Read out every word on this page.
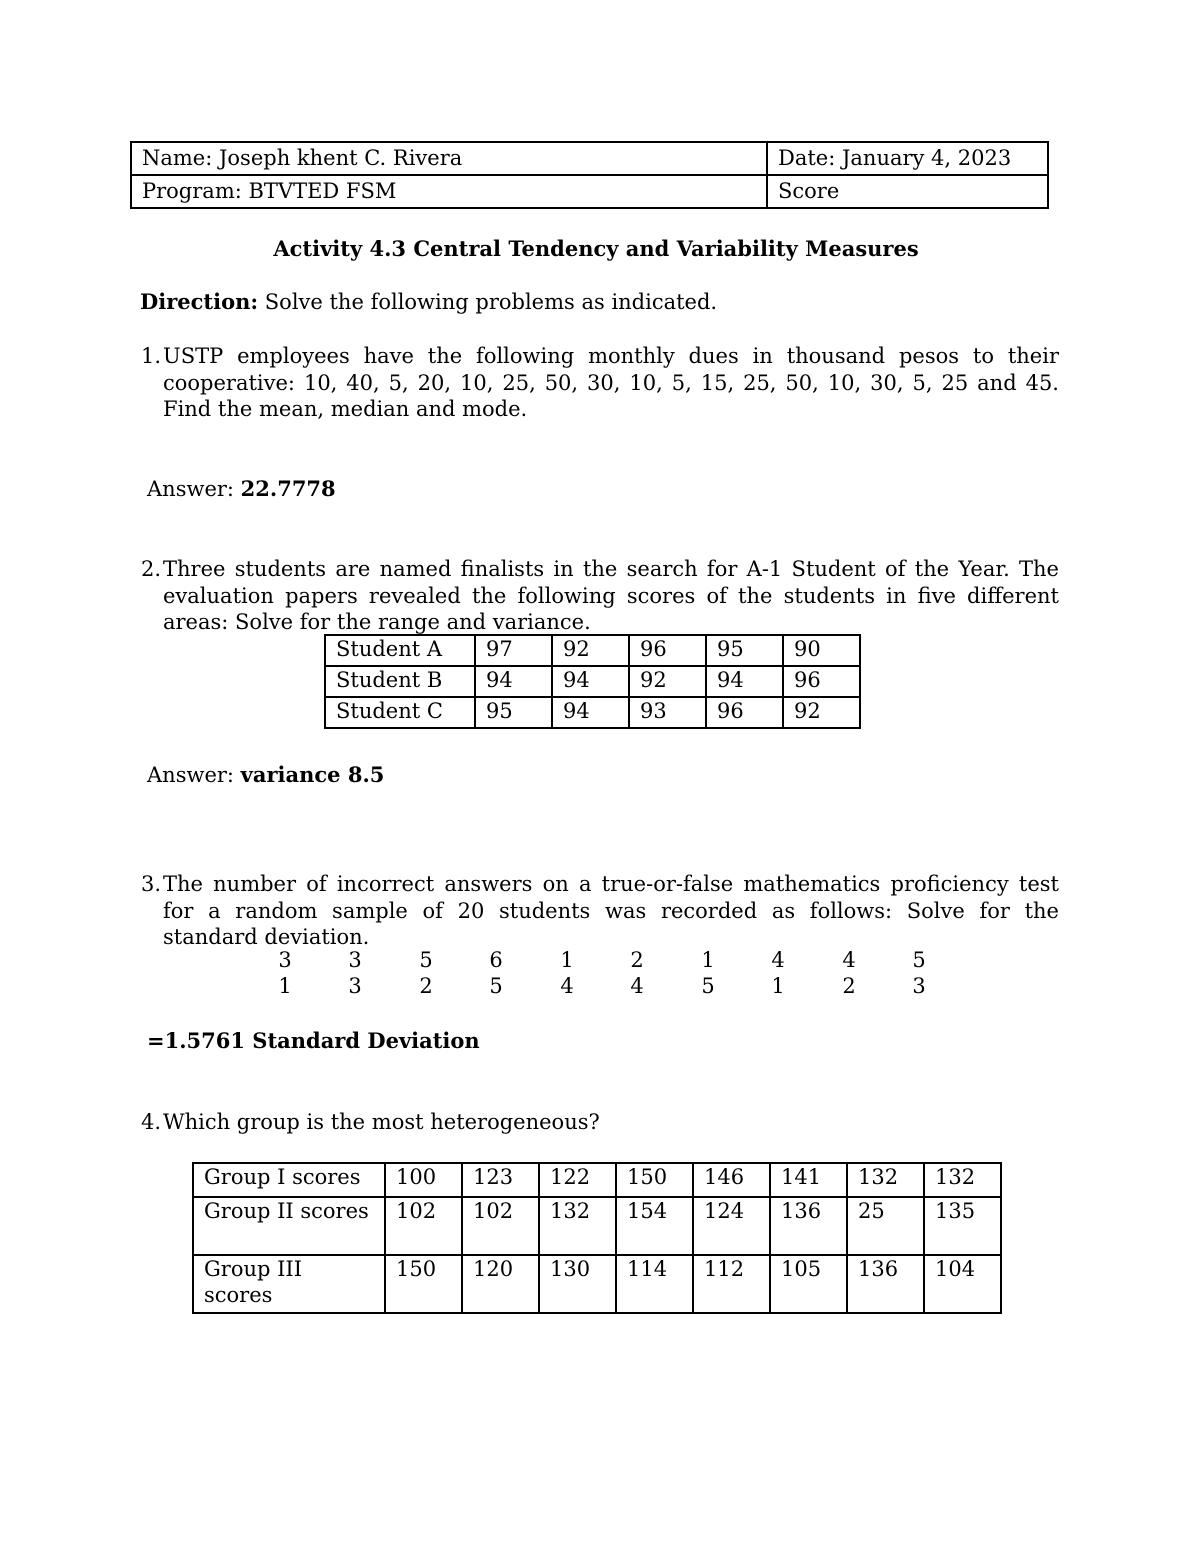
Name: Joseph khent C. Rivera	Date: January 4, 2023
Program: BTVTED FSM	Score
Activity 4.3 Central Tendency and Variability Measures
Direction: Solve the following problems as indicated.
1. USTP employees have the following monthly dues in thousand pesos to their
cooperative: 10, 40, 5, 20, 10, 25, 50, 30, 10, 5, 15, 25, 50, 10, 30, 5, 25 and 45.
Find the mean, median and mode.
Answer: 22.7778
2. Three students are named finalists in the search for A-1 Student of the Year. The
evaluation papers revealed the following scores of the students in five different
areas: Solve for the range and variance.
Student A	97	92	96	95	90
Student B	94	94	92	94	96
Student C	95	94	93	96	92
Answer: variance 8.5
3. The number of incorrect answers on a true-or-false mathematics proficiency test
for a random sample of 20 students was recorded as follows: Solve for the
standard deviation.
3	3	5	6	1	2	1	4	4	5
1	3	2	5	4	4	5	1	2	3
=1.5761 Standard Deviation
4. Which group is the most heterogeneous?
Group I scores	100	123	122	150	146	141	132	132
Group II scores	102	102	132	154	124	136	25	135
Group III scores	150	120	130	114	112	105	136	104
